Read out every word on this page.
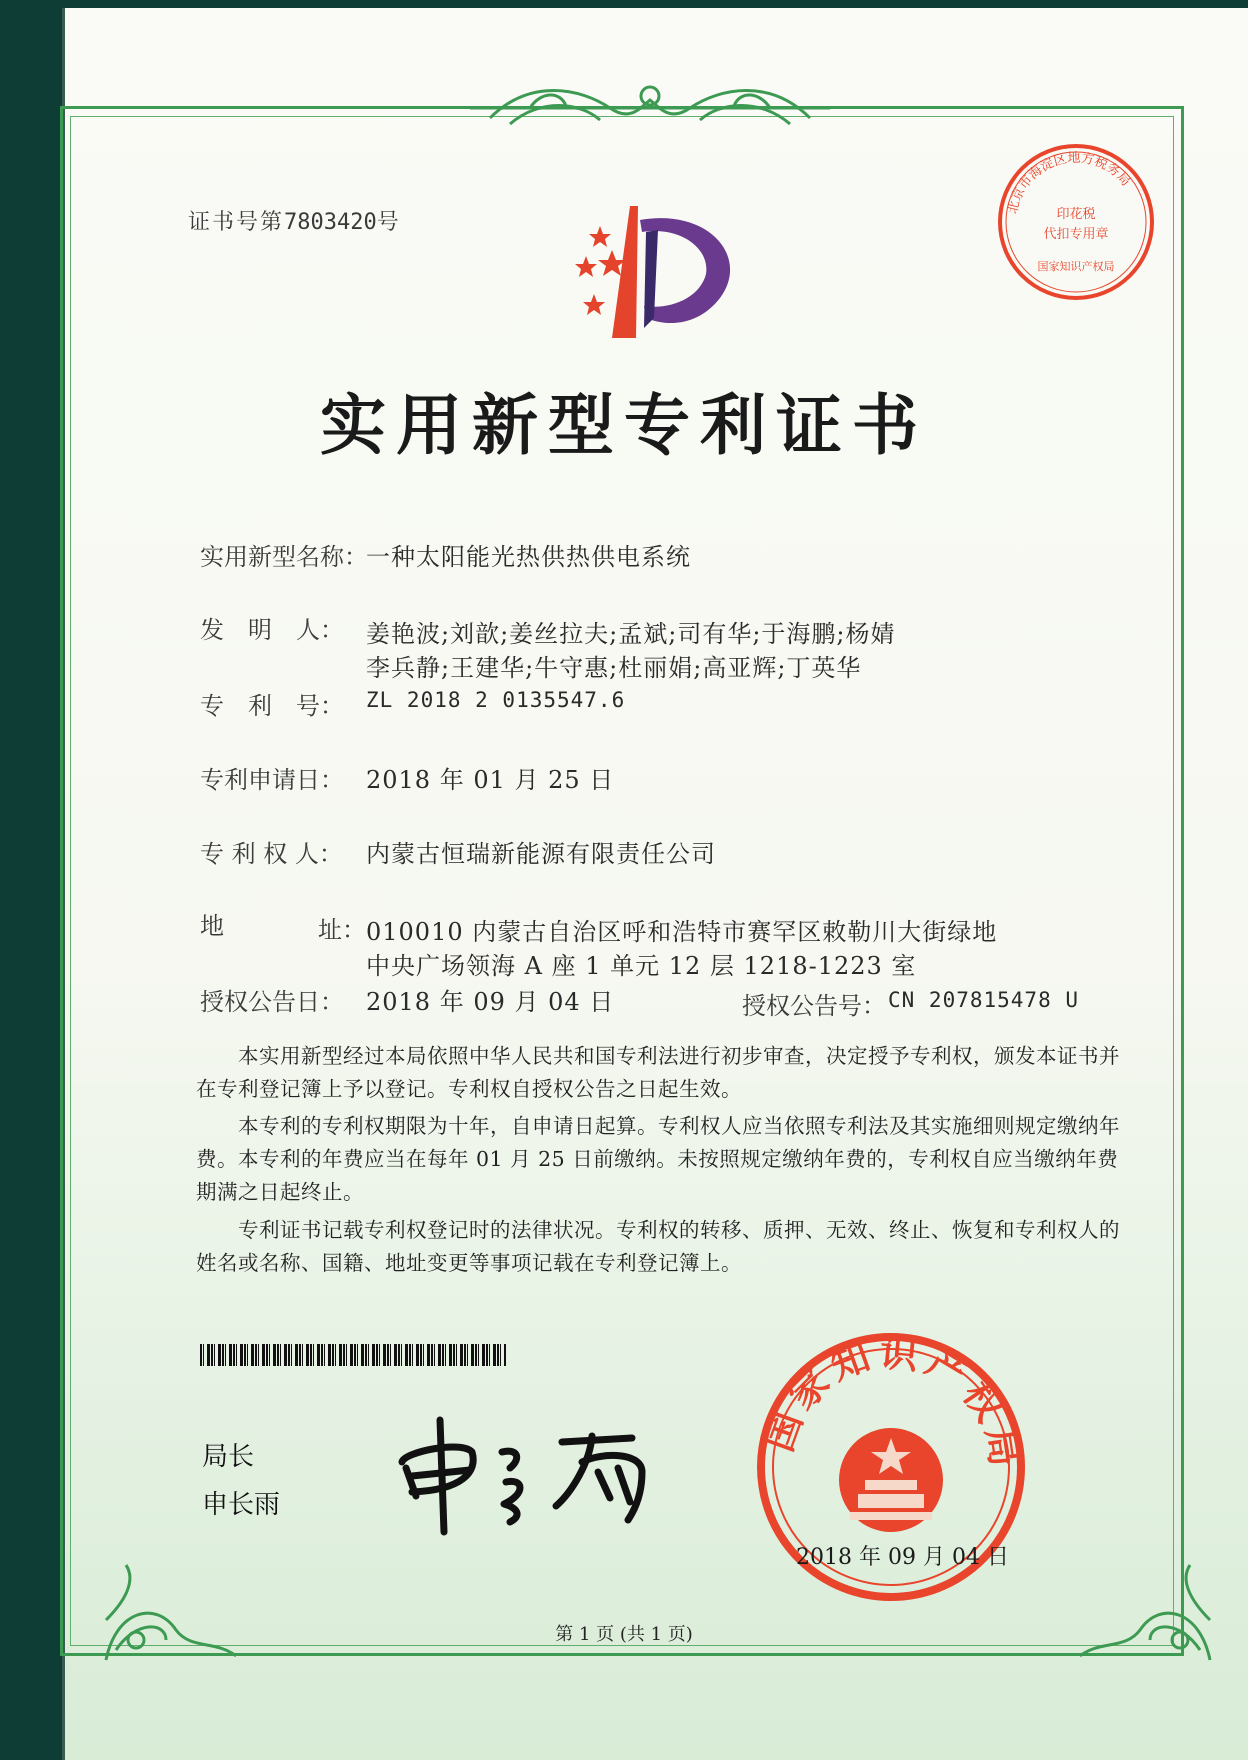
证书号第7803420号
北京市海淀区地方税务局
印花税
代扣专用章
国家知识产权局
实用新型专利证书
实用新型名称：
一种太阳能光热供热供电系统
发　明　人： 姜艳波;刘歆;姜丝拉夫;孟斌;司有华;于海鹏;杨婧
李兵静;王建华;牛守惠;杜丽娟;高亚辉;丁英华
专　利　号： ZL 2018 2 0135547.6
专利申请日： 2018 年 01 月 25 日
专 利 权 人： 内蒙古恒瑞新能源有限责任公司
地	址： 010010 内蒙古自治区呼和浩特市赛罕区敕勒川大街绿地
中央广场领海 A 座 1 单元 12 层 1218-1223 室
授权公告日： 2018 年 09 月 04 日	授权公告号： CN 207815478 U
　　本实用新型经过本局依照中华人民共和国专利法进行初步审查，决定授予专利权，颁发本证书并在专利登记簿上予以登记。专利权自授权公告之日起生效。
　　本专利的专利权期限为十年，自申请日起算。专利权人应当依照专利法及其实施细则规定缴纳年费。本专利的年费应当在每年 01 月 25 日前缴纳。未按照规定缴纳年费的，专利权自应当缴纳年费期满之日起终止。
　　专利证书记载专利权登记时的法律状况。专利权的转移、质押、无效、终止、恢复和专利权人的姓名或名称、国籍、地址变更等事项记载在专利登记簿上。
局长
申长雨
国家知识产权局
2018 年 09 月 04 日
第 1 页 (共 1 页)
